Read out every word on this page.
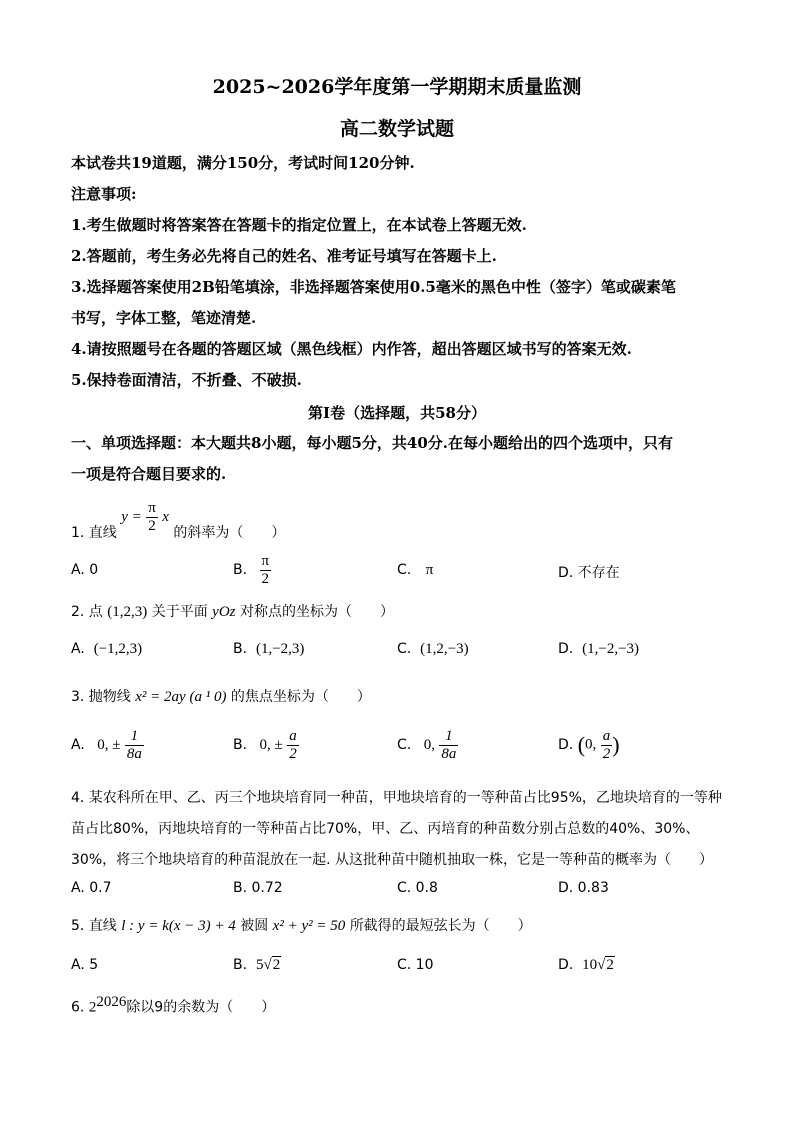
2025~2026学年度第一学期期末质量监测
高二数学试题
本试卷共19道题，满分150分，考试时间120分钟.
注意事项:
1.考生做题时将答案答在答题卡的指定位置上，在本试卷上答题无效.
2.答题前，考生务必先将自己的姓名、准考证号填写在答题卡上.
3.选择题答案使用2B铅笔填涂，非选择题答案使用0.5毫米的黑色中性（签字）笔或碳素笔
书写，字体工整，笔迹清楚.
4.请按照题号在各题的答题区域（黑色线框）内作答，超出答题区域书写的答案无效.
5.保持卷面清洁，不折叠、不破损.
第Ⅰ卷（选择题，共58分）
一、单项选择题：本大题共8小题，每小题5分，共40分.在每小题给出的四个选项中，只有
一项是符合题目要求的.
1. 直线 $y = \frac{\pi}{2}$ x 的斜率为（　　）
A. 0	B. $\frac{\pi}{2}$	C. π	D. 不存在
2. 点 (1,2,3) 关于平面 yOz 对称点的坐标为（　　）
A. (−1,2,3)	B. (1,−2,3)	C. (1,2,−3)	D. (1,−2,−3)
3. 抛物线 x² = 2ay (a ¹ 0) 的焦点坐标为（　　）
A. 0, ± $\frac{1}{8a}$	B. 0, ± $\frac{a}{2}$	C. 0, $\frac{1}{8a}$	D. (0, $\frac{a}{2}$ )
4. 某农科所在甲、乙、丙三个地块培育同一种苗，甲地块培育的一等种苗占比95%，乙地块培育的一等种
苗占比80%，丙地块培育的一等种苗占比70%，甲、乙、丙培育的种苗数分别占总数的40%、30%、
30%，将三个地块培育的种苗混放在一起. 从这批种苗中随机抽取一株，它是一等种苗的概率为（　　）
A. 0.7	B. 0.72	C. 0.8	D. 0.83
5. 直线 l : y = k(x − 3) + 4 被圆 x² + y² = 50 所截得的最短弦长为（　　）
A. 5	B. 5√2	C. 10	D. 10√2
6. $2^{2026}$除以9的余数为（　　）
